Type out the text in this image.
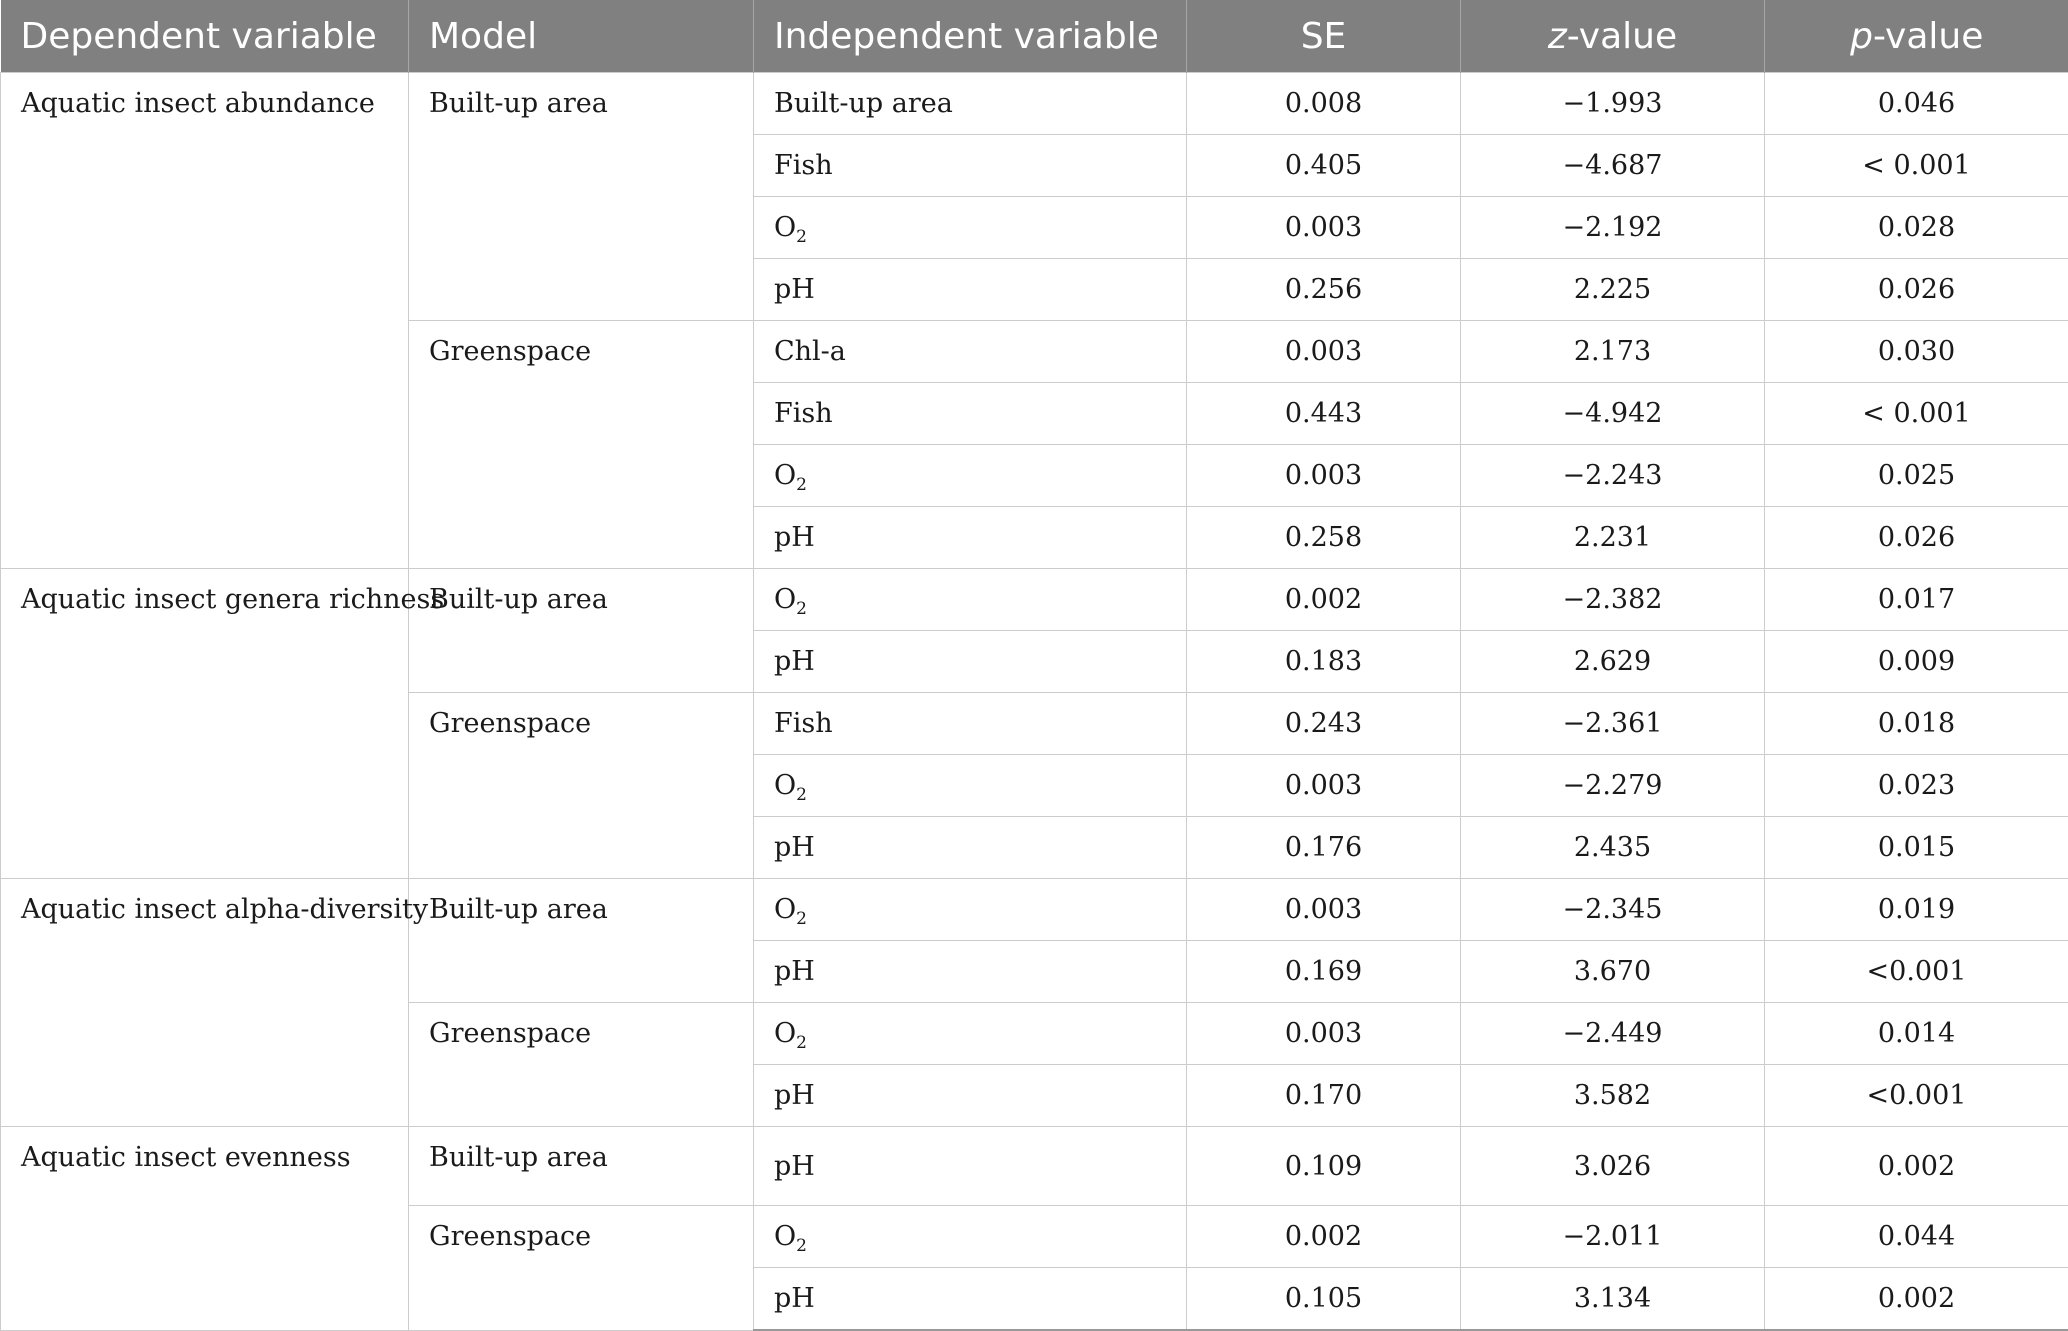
Dependent variable	Model	Independent variable	SE	z-value	p-value
Aquatic insect abundance	Built-up area	Built-up area	0.008	−1.993	0.046
		Fish	0.405	−4.687	< 0.001
		$O_2$	0.003	−2.192	0.028
		pH	0.256	2.225	0.026
	Greenspace	Chl-a	0.003	2.173	0.030
		Fish	0.443	−4.942	< 0.001
		$O_2$	0.003	−2.243	0.025
		pH	0.258	2.231	0.026
Aquatic insect genera richness	Built-up area	$O_2$	0.002	−2.382	0.017
		pH	0.183	2.629	0.009
	Greenspace	Fish	0.243	−2.361	0.018
		$O_2$	0.003	−2.279	0.023
		pH	0.176	2.435	0.015
Aquatic insect alpha-diversity	Built-up area	$O_2$	0.003	−2.345	0.019
		pH	0.169	3.670	<0.001
	Greenspace	$O_2$	0.003	−2.449	0.014
		pH	0.170	3.582	<0.001
Aquatic insect evenness	Built-up area	pH	0.109	3.026	0.002
	Greenspace	$O_2$	0.002	−2.011	0.044
		pH	0.105	3.134	0.002
